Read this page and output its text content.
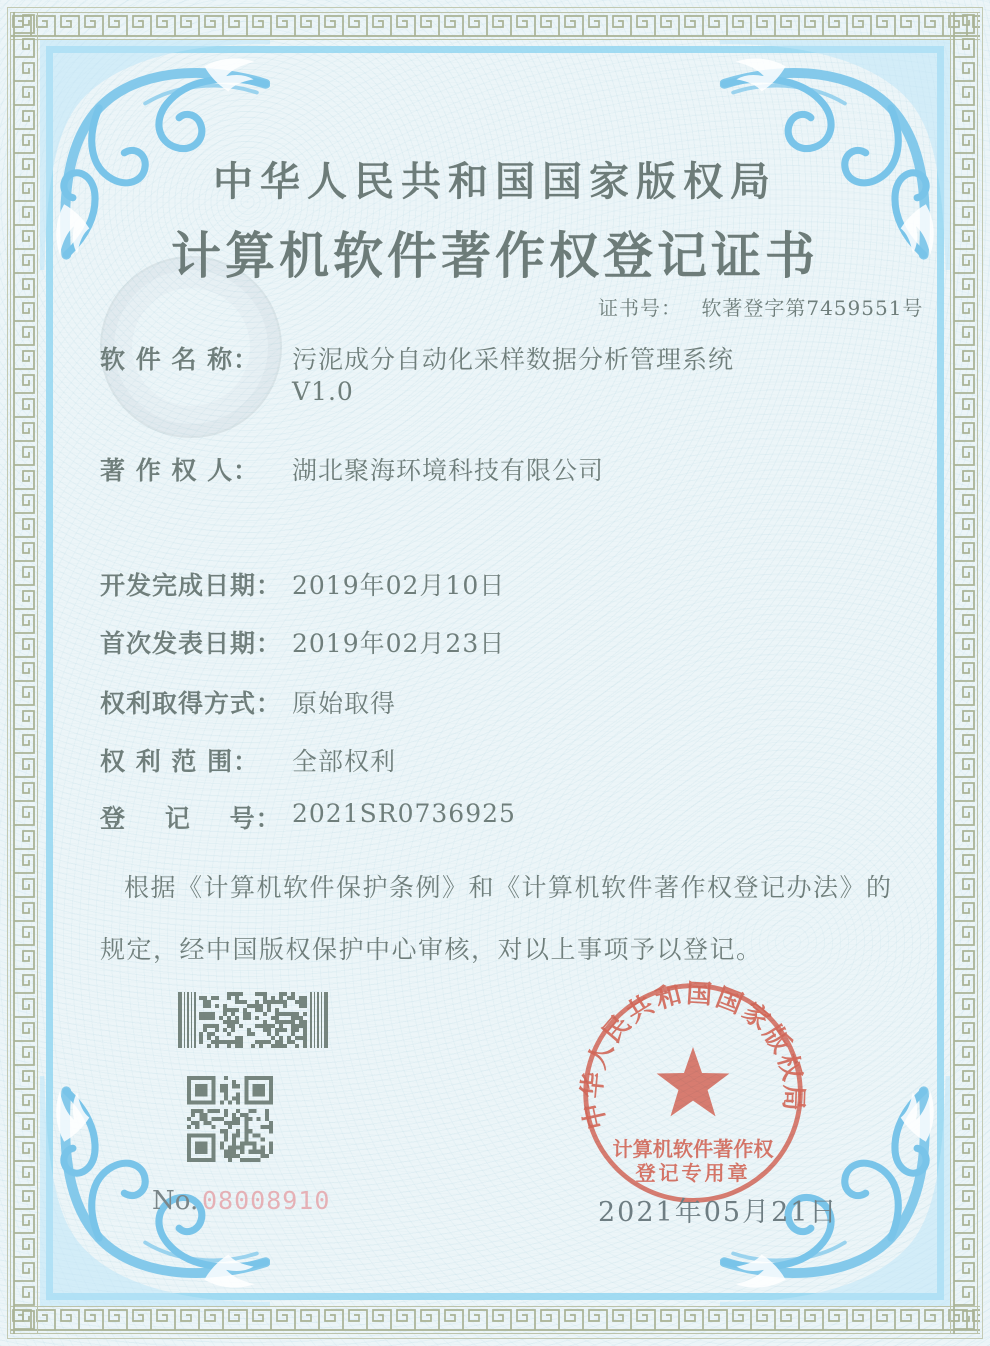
中华人民共和国国家版权局
计算机软件著作权登记证书
证书号： 软著登字第7459551号
软 件 名 称： 污泥成分自动化采样数据分析管理系统
V1.0
著 作 权 人： 湖北聚海环境科技有限公司
开发完成日期： 2019年02月10日
首次发表日期： 2019年02月23日
权利取得方式： 原始取得
权 利 范 围： 全部权利
登    记    号： 2021SR0736925
根据《计算机软件保护条例》和《计算机软件著作权登记办法》的
规定，经中国版权保护中心审核，对以上事项予以登记。
No. 08008910
中华人民共和国国家版权局
计算机软件著作权
登记专用章
2021年05月21日
